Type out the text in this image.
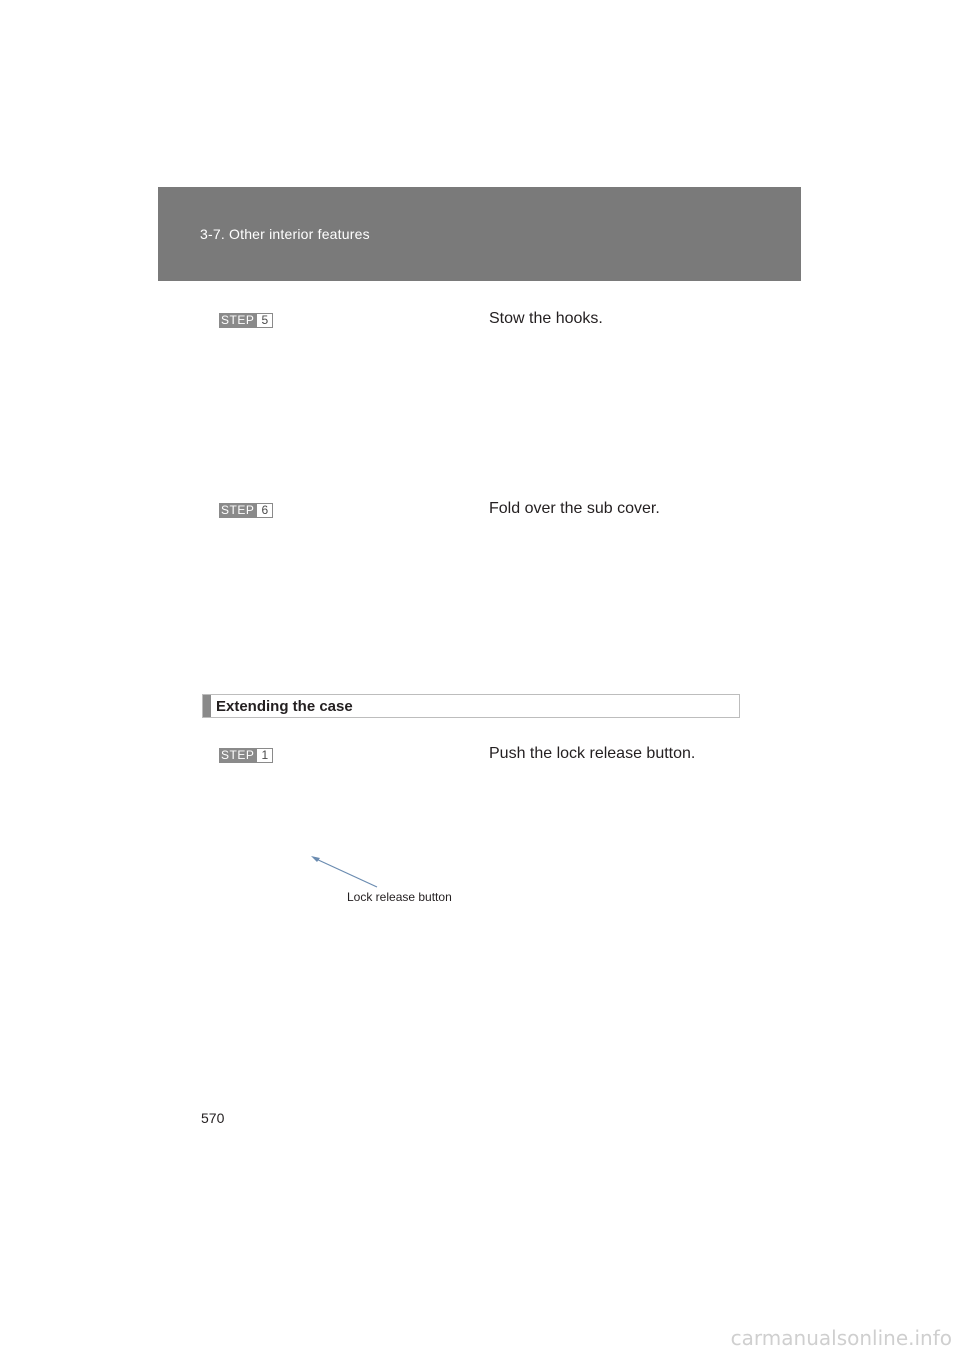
3-7. Other interior features
STEP 5	Stow the hooks.
STEP 6	Fold over the sub cover.
Extending the case
STEP 1	Push the lock release button.
Lock release button
570
carmanualsonline.info
